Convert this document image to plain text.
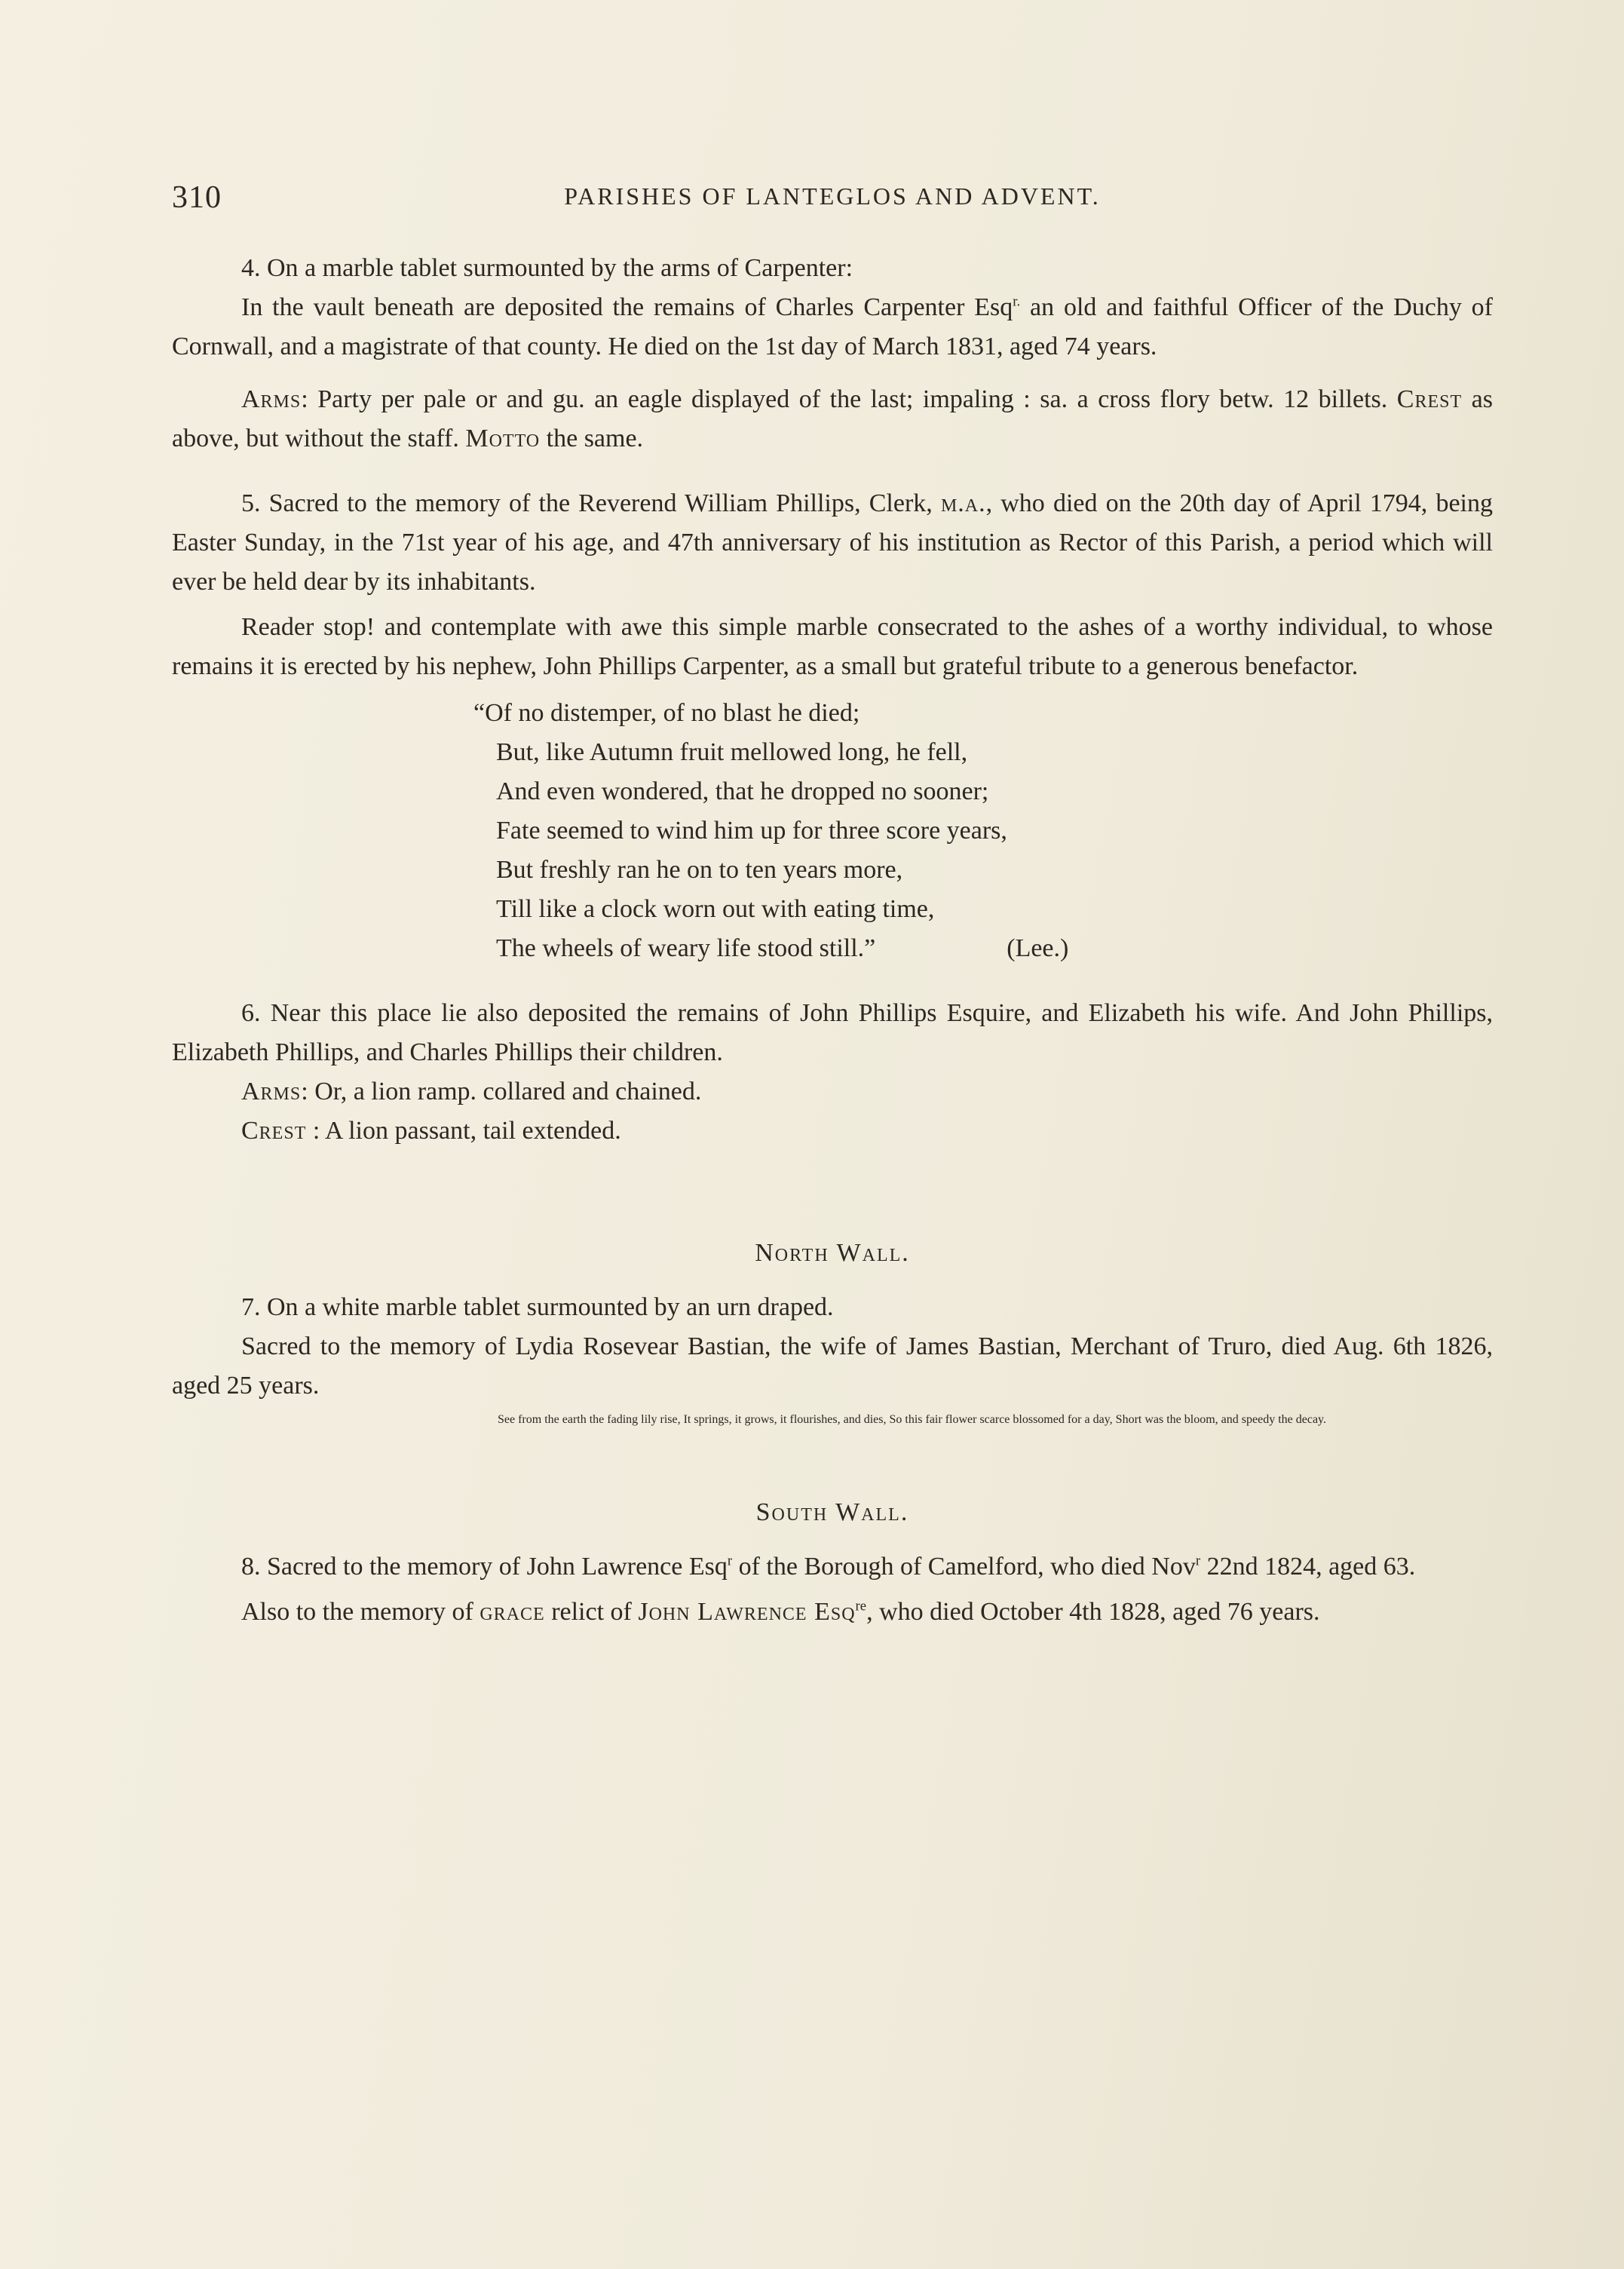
310	PARISHES OF LANTEGLOS AND ADVENT.

4. On a marble tablet surmounted by the arms of Carpenter:

In the vault beneath are deposited the remains of Charles Carpenter Esq$^{r.}$ an old and faithful Officer of the Duchy of Cornwall, and a magistrate of that county. He died on the 1st day of March 1831, aged 74 years.

Arms: Party per pale or and gu. an eagle displayed of the last; impaling : sa. a cross flory betw. 12 billets. Crest as above, but without the staff. Motto the same.

5. Sacred to the memory of the Reverend William Phillips, Clerk, m.a., who died on the 20th day of April 1794, being Easter Sunday, in the 71st year of his age, and 47th anniversary of his institution as Rector of this Parish, a period which will ever be held dear by its inhabitants.

Reader stop! and contemplate with awe this simple marble consecrated to the ashes of a worthy individual, to whose remains it is erected by his nephew, John Phillips Carpenter, as a small but grateful tribute to a generous benefactor.

“Of no distemper, of no blast he died;
But, like Autumn fruit mellowed long, he fell,
And even wondered, that he dropped no sooner;
Fate seemed to wind him up for three score years,
But freshly ran he on to ten years more,
Till like a clock worn out with eating time,
The wheels of weary life stood still.”	(Lee.)

6. Near this place lie also deposited the remains of John Phillips Esquire, and Elizabeth his wife. And John Phillips, Elizabeth Phillips, and Charles Phillips their children.

Arms: Or, a lion ramp. collared and chained.

Crest : A lion passant, tail extended.

North Wall.

7. On a white marble tablet surmounted by an urn draped.

Sacred to the memory of Lydia Rosevear Bastian, the wife of James Bastian, Merchant of Truro, died Aug. 6th 1826, aged 25 years.

See from the earth the fading lily rise, It springs, it grows, it flourishes, and dies, So this fair flower scarce blossomed for a day, Short was the bloom, and speedy the decay.
South Wall.

8. Sacred to the memory of John Lawrence Esq$^r$ of the Borough of Camelford, who died Nov$^r$ 22nd 1824, aged 63.

Also to the memory of grace relict of John Lawrence Esq$^{re}$, who died October 4th 1828, aged 76 years.
